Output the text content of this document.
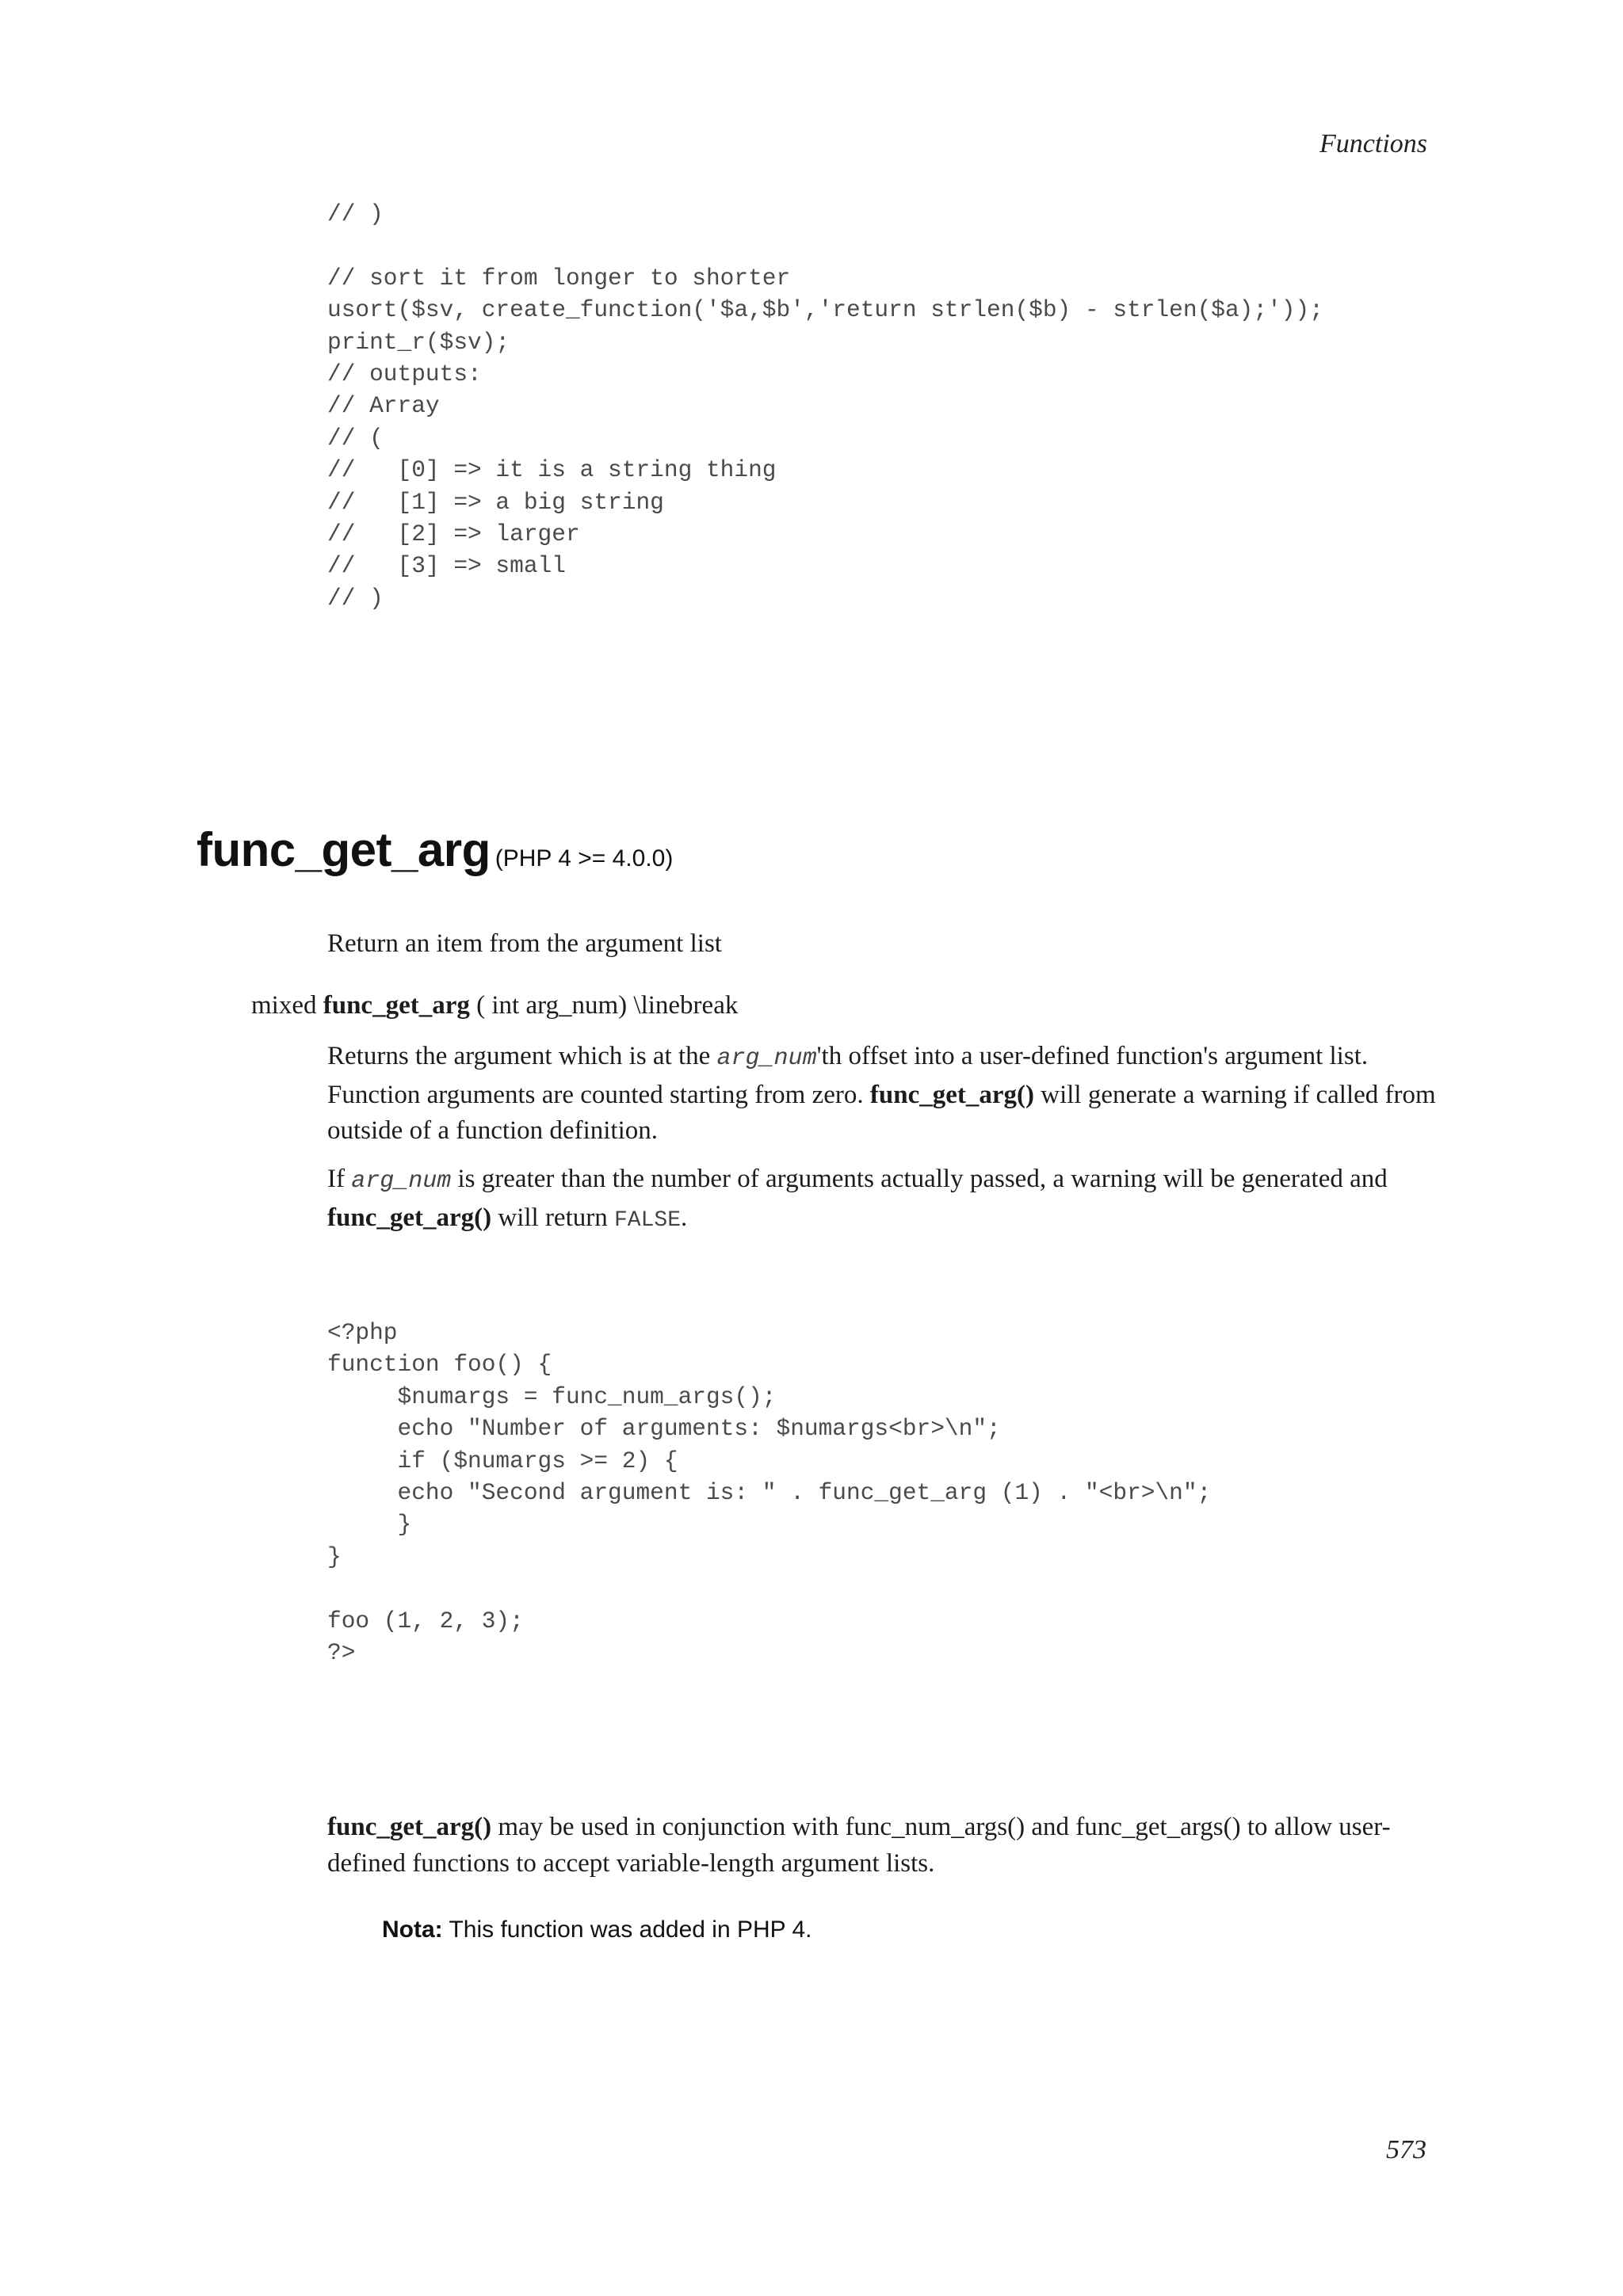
Functions
// )

// sort it from longer to shorter
usort($sv, create_function('$a,$b','return strlen($b) - strlen($a);'));
print_r($sv);
// outputs:
// Array
// (
//   [0] => it is a string thing
//   [1] => a big string
//   [2] => larger
//   [3] => small
// )
func_get_arg (PHP 4 >= 4.0.0)
Return an item from the argument list
mixed func_get_arg ( int arg_num) \linebreak
Returns the argument which is at the arg_num'th offset into a user-defined function's argument list. Function arguments are counted starting from zero. func_get_arg() will generate a warning if called from outside of a function definition.
If arg_num is greater than the number of arguments actually passed, a warning will be generated and func_get_arg() will return FALSE.
<?php
function foo() {
$numargs = func_num_args();
echo "Number of arguments: $numargs<br>\n";
if ($numargs >= 2) {
echo "Second argument is: " . func_get_arg (1) . "<br>\n";
}
}

foo (1, 2, 3);
?>
func_get_arg() may be used in conjunction with func_num_args() and func_get_args() to allow user-defined functions to accept variable-length argument lists.
Nota: This function was added in PHP 4.
573
